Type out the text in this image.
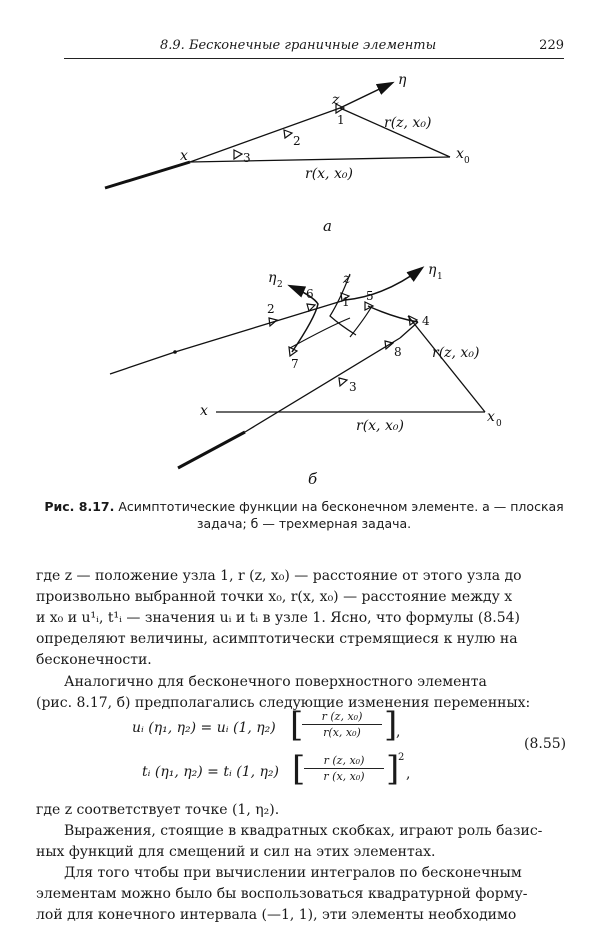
8.9. Бесконечные граничные элементы	229
η
z
1
2
3
x	x 0
r(z, x₀)
r(x, x₀)
а
η 1
η 2	z
1
2
3
4
5
6
7
8
x	x 0
r(z, x₀)
r(x, x₀)
б
Рис. 8.17. Асимптотические функции на бесконечном элементе. а — плоская
задача; б — трехмерная задача.
где z — положение узла 1, r (z, x₀) — расстояние от этого узла до
произвольно выбранной точки x₀, r(x, x₀) — расстояние между x
и x₀ и u¹ᵢ, t¹ᵢ — значения uᵢ и tᵢ в узле 1. Ясно, что формулы (8.54)
определяют величины, асимптотически стремящиеся к нулю на
бесконечности.
Аналогично для бесконечного поверхностного элемента
(рис. 8.17, б) предполагались следующие изменения переменных:
uᵢ (η₁, η₂) = uᵢ (1, η₂) [
$\frac{\text{r (z, x₀)}}{\text{r(x, x₀)}}$ ]
,
tᵢ (η₁, η₂) = tᵢ (1, η₂) [
$\frac{\text{r (z, x₀)}}{\text{r (x, x₀)}}$ ]
2
,
(8.55)
где z соответствует точке (1, η₂).
Выражения, стоящие в квадратных скобках, играют роль базис-
ных функций для смещений и сил на этих элементах.
Для того чтобы при вычислении интегралов по бесконечным
элементам можно было бы воспользоваться квадратурной форму-
лой для конечного интервала (—1, 1), эти элементы необходимо
